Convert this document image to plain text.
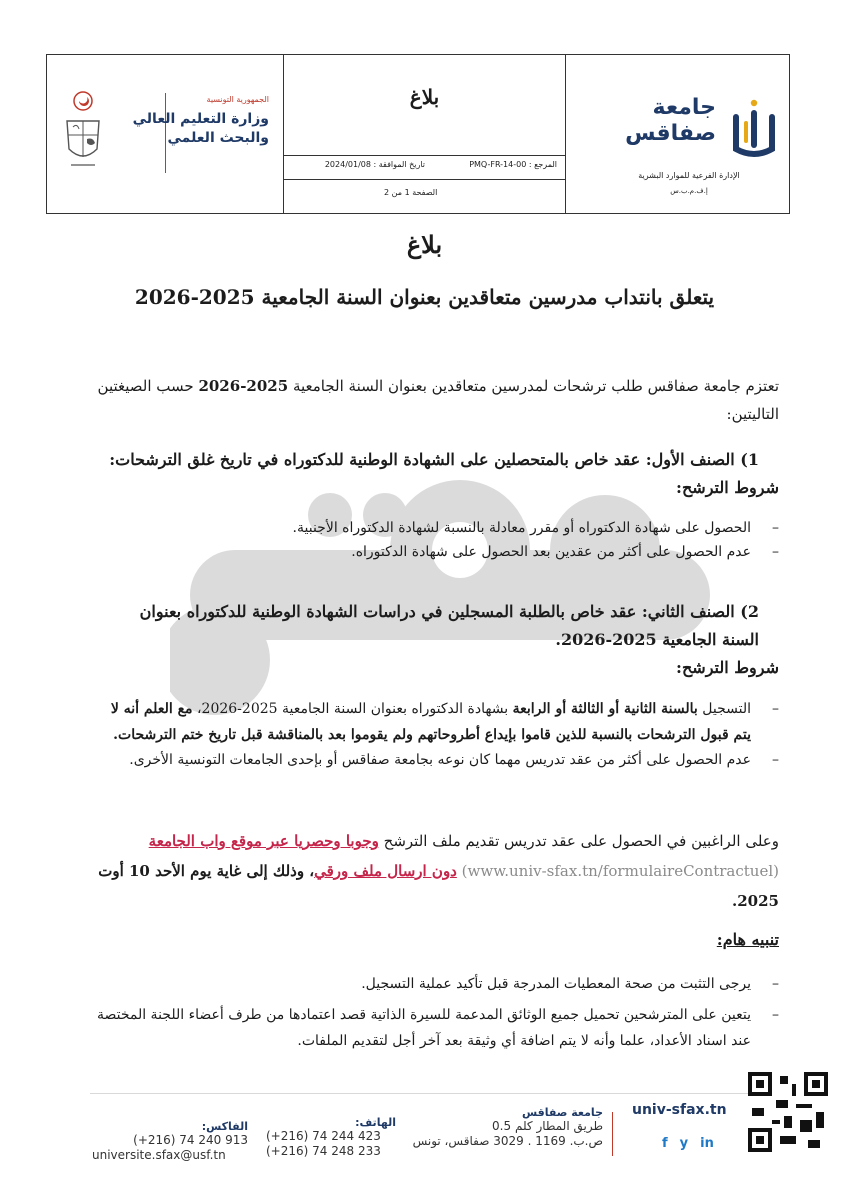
الجمهورية التونسية
وزارة التعليم العالي
والبحث العلمي
بلاغ
المرجع : PMQ-FR-14-00
تاريخ الموافقة : 2024/01/08
الصفحة 1 من 2
جامعة
صفاقس
الإدارة الفرعية للموارد البشرية
إ.ف.م.ب.س
بلاغ
يتعلق بانتداب مدرسين متعاقدين بعنوان السنة الجامعية 2025-2026
تعتزم جامعة صفاقس طلب ترشحات لمدرسين متعاقدين بعنوان السنة الجامعية 2025-2026 حسب الصيغتين التاليتين:
1) الصنف الأول: عقد خاص بالمتحصلين على الشهادة الوطنية للدكتوراه في تاريخ غلق الترشحات:
شروط الترشح:

– الحصول على شهادة الدكتوراه أو مقرر معادلة بالنسبة لشهادة الدكتوراه الأجنبية.

– عدم الحصول على أكثر من عقدين بعد الحصول على شهادة الدكتوراه.

2) الصنف الثاني: عقد خاص بالطلبة المسجلين في دراسات الشهادة الوطنية للدكتوراه بعنوان السنة الجامعية 2025-2026.
شروط الترشح:

– التسجيل بالسنة الثانية أو الثالثة أو الرابعة بشهادة الدكتوراه بعنوان السنة الجامعية 2025-2026، مع العلم أنه لا يتم قبول الترشحات بالنسبة للذين قاموا بإيداع أطروحاتهم ولم يقوموا بعد بالمناقشة قبل تاريخ ختم الترشحات.

– عدم الحصول على أكثر من عقد تدريس مهما كان نوعه بجامعة صفاقس أو بإحدى الجامعات التونسية الأخرى.

وعلى الراغبين في الحصول على عقد تدريس تقديم ملف الترشح وجوبا وحصريا عبر موقع واب الجامعة (www.univ-sfax.tn/formulaireContractuel) دون ارسال ملف ورقي، وذلك إلى غاية يوم الأحد 10 أوت 2025.
تنبيه هام:

– يرجى التثبت من صحة المعطيات المدرجة قبل تأكيد عملية التسجيل.

– يتعين على المترشحين تحميل جميع الوثائق المدعمة للسيرة الذاتية قصد اعتمادها من طرف أعضاء اللجنة المختصة عند اسناد الأعداد، علما وأنه لا يتم اضافة أي وثيقة بعد آخر أجل لتقديم الملفات.

univ-sfax.tn
f y in
جامعة صفاقس
طريق المطار كلم 0.5
ص.ب. 1169 . 3029 صفاقس، تونس
الهاتف:
(+216) 74 244 423
(+216) 74 248 233
الفاكس:
(+216) 74 240 913
universite.sfax@usf.tn
